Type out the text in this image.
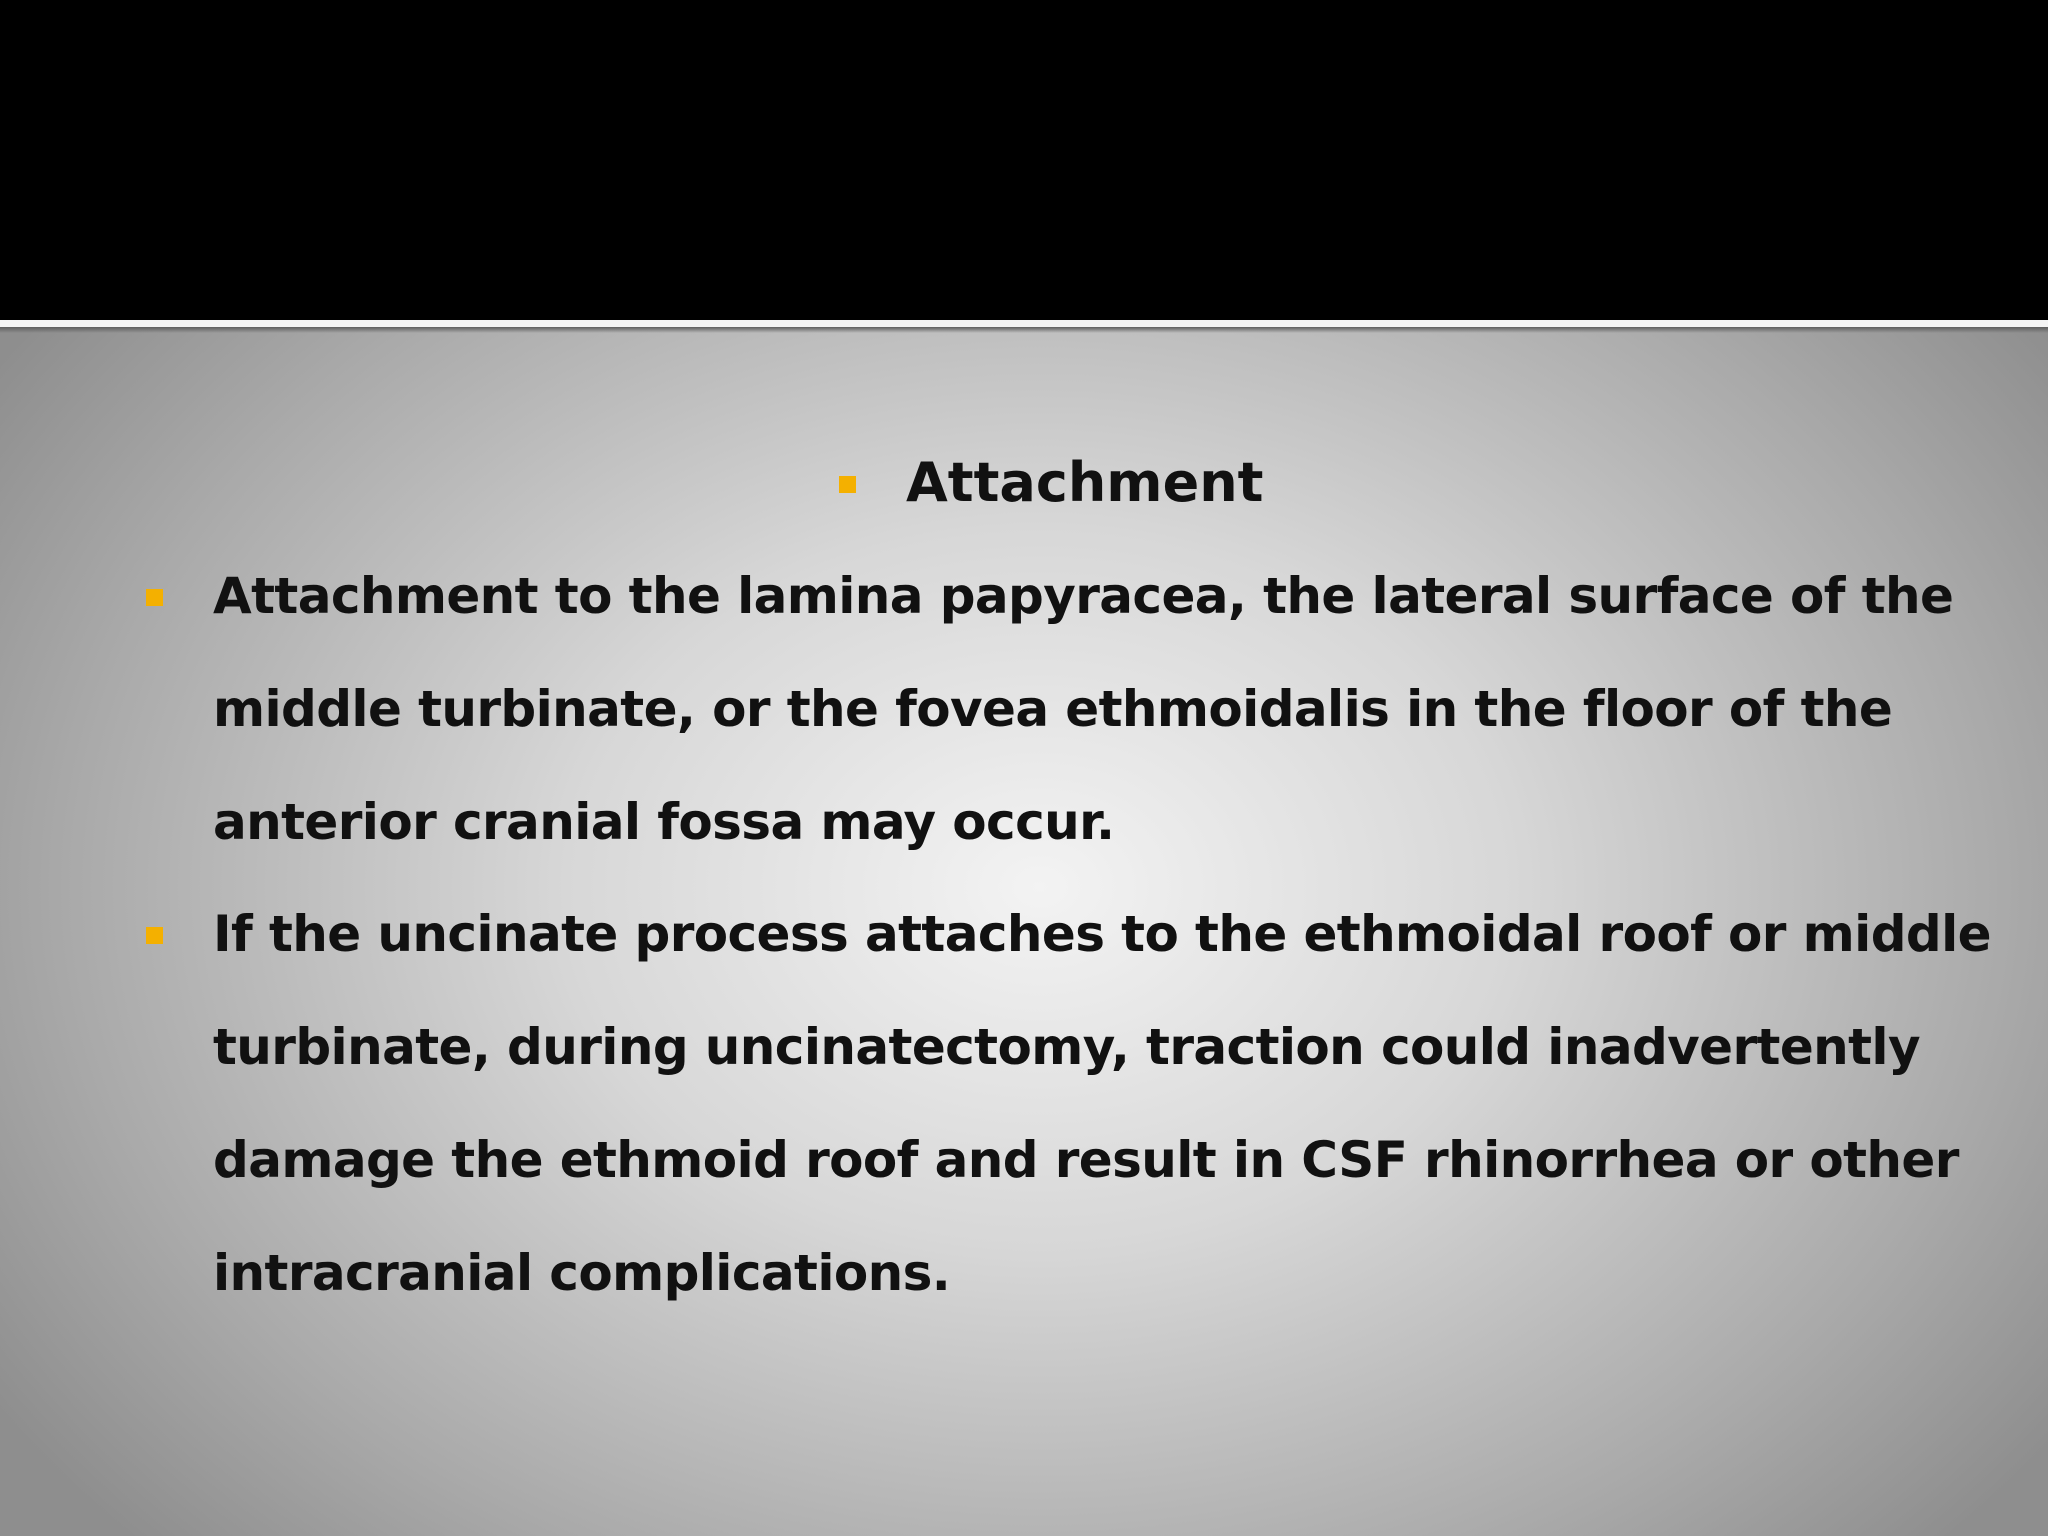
Attachment
Attachment to the lamina papyracea, the lateral surface of the
middle turbinate, or the fovea ethmoidalis in the floor of the
anterior cranial fossa may occur.
If the uncinate process attaches to the ethmoidal roof or middle
turbinate, during uncinatectomy, traction could inadvertently
damage the ethmoid roof and result in CSF rhinorrhea or other
intracranial complications.
